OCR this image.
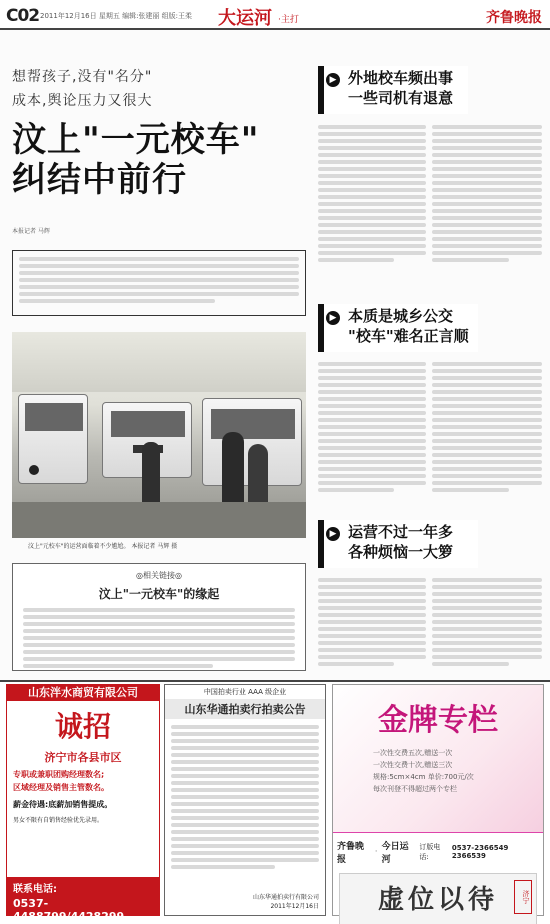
C02 2011年12月16日 星期五 编辑:张建丽 组版:王柔 大运河 ·主打	齐鲁晚报
想帮孩子,没有"名分"
成本,舆论压力又很大
汶上"一元校车"
纠结中前行
本报记者 马辉
外地校车频出事
一些司机有退意
▶
本质是城乡公交
"校车"难名正言顺
▶
运营不过一年多
各种烦恼一大箩
▶
汶上"元校车"的运营面临着不少尴尬。 本报记者 马辉 摄
◎相关链接◎
汶上"一元校车"的缘起
山东泮水商贸有限公司
诚招
济宁市各县市区
专职或兼职团购经理数名;
区域经理及销售主管数名。
薪金待遇:底薪加销售提成。
男女不限有自销售经验优先录用。
联系电话:
0537-4488799/4428299
中国拍卖行业 AAA 级企业
山东华通拍卖行拍卖公告
山东华通拍卖行有限公司
2011年12月16日
金牌专栏
一次性交费五次,赠送一次
一次性交费十次,赠送三次
规格:5cm×4cm 单价:700元/次
每次刊登不得超过两个专栏
齐鲁晚报
· 今日运河
订版电话:
0537-2366549 2366539
虚位以待	济宁
